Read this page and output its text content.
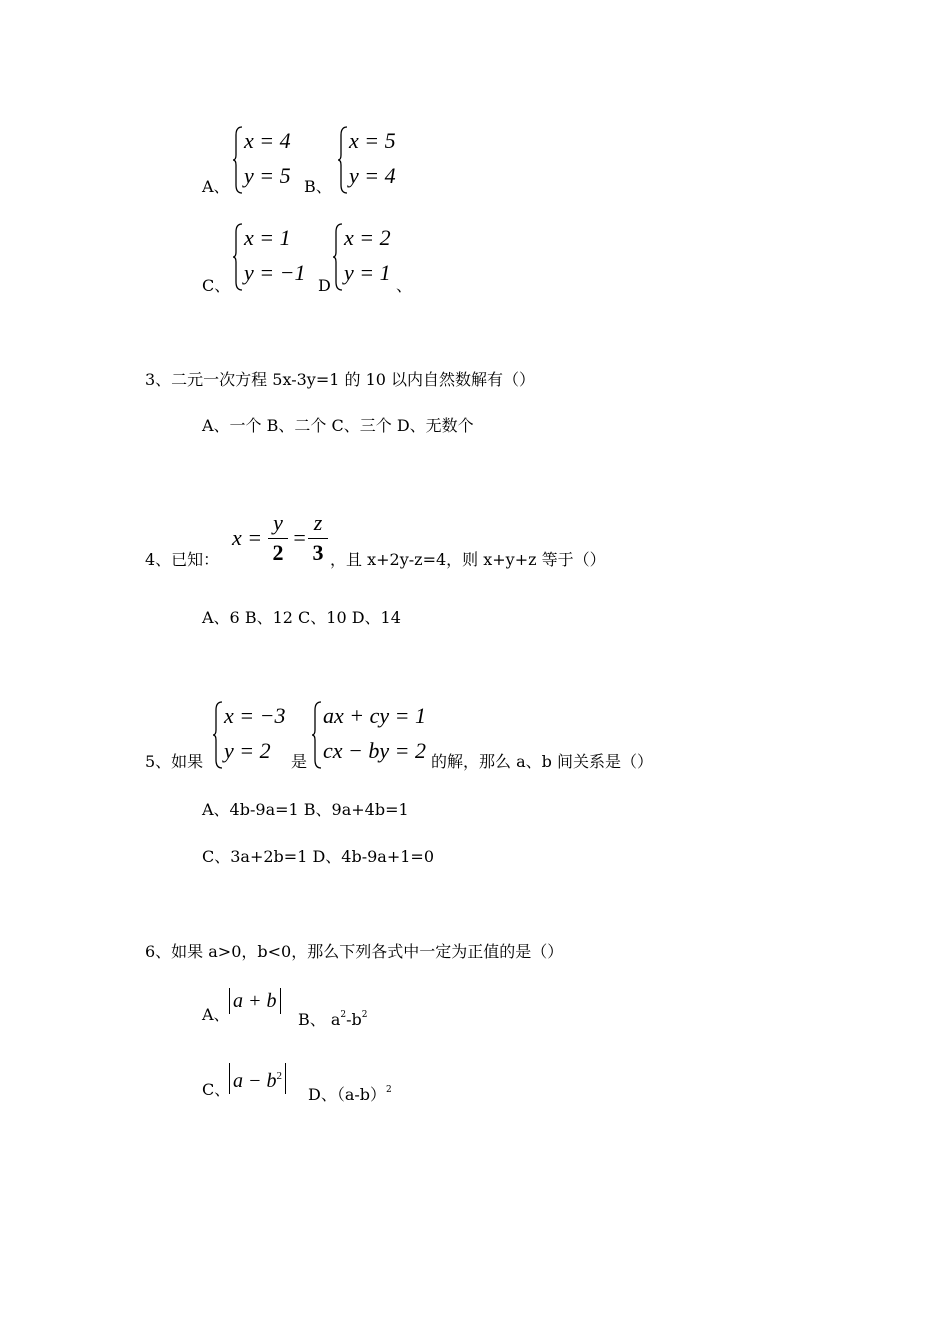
A、
x = 4
y = 5 B、
x = 5
y = 4
C、
x = 1
y = −1
D
x = 2
y = 1
、
3、二元一次方程 5x-3y=1 的 10 以内自然数解有（）
A、一个 B、二个 C、三个 D、无数个
4、已知：
x =
y
2
=
z
3 ，且 x+2y-z=4，则 x+y+z 等于（）
A、6 B、12 C、10 D、14
5、如果
x = −3
y = 2 是
ax + cy = 1
cx − by = 2 的解，那么 a、b 间关系是（）
A、4b-9a=1 B、9a+4b=1
C、3a+2b=1 D、4b-9a+1=0
6、如果 a>0，b<0，那么下列各式中一定为正值的是（）
A、
a + b
B、 $a^2-b^2$
C、 $a - b^2$
D、$(a-b)^2$
